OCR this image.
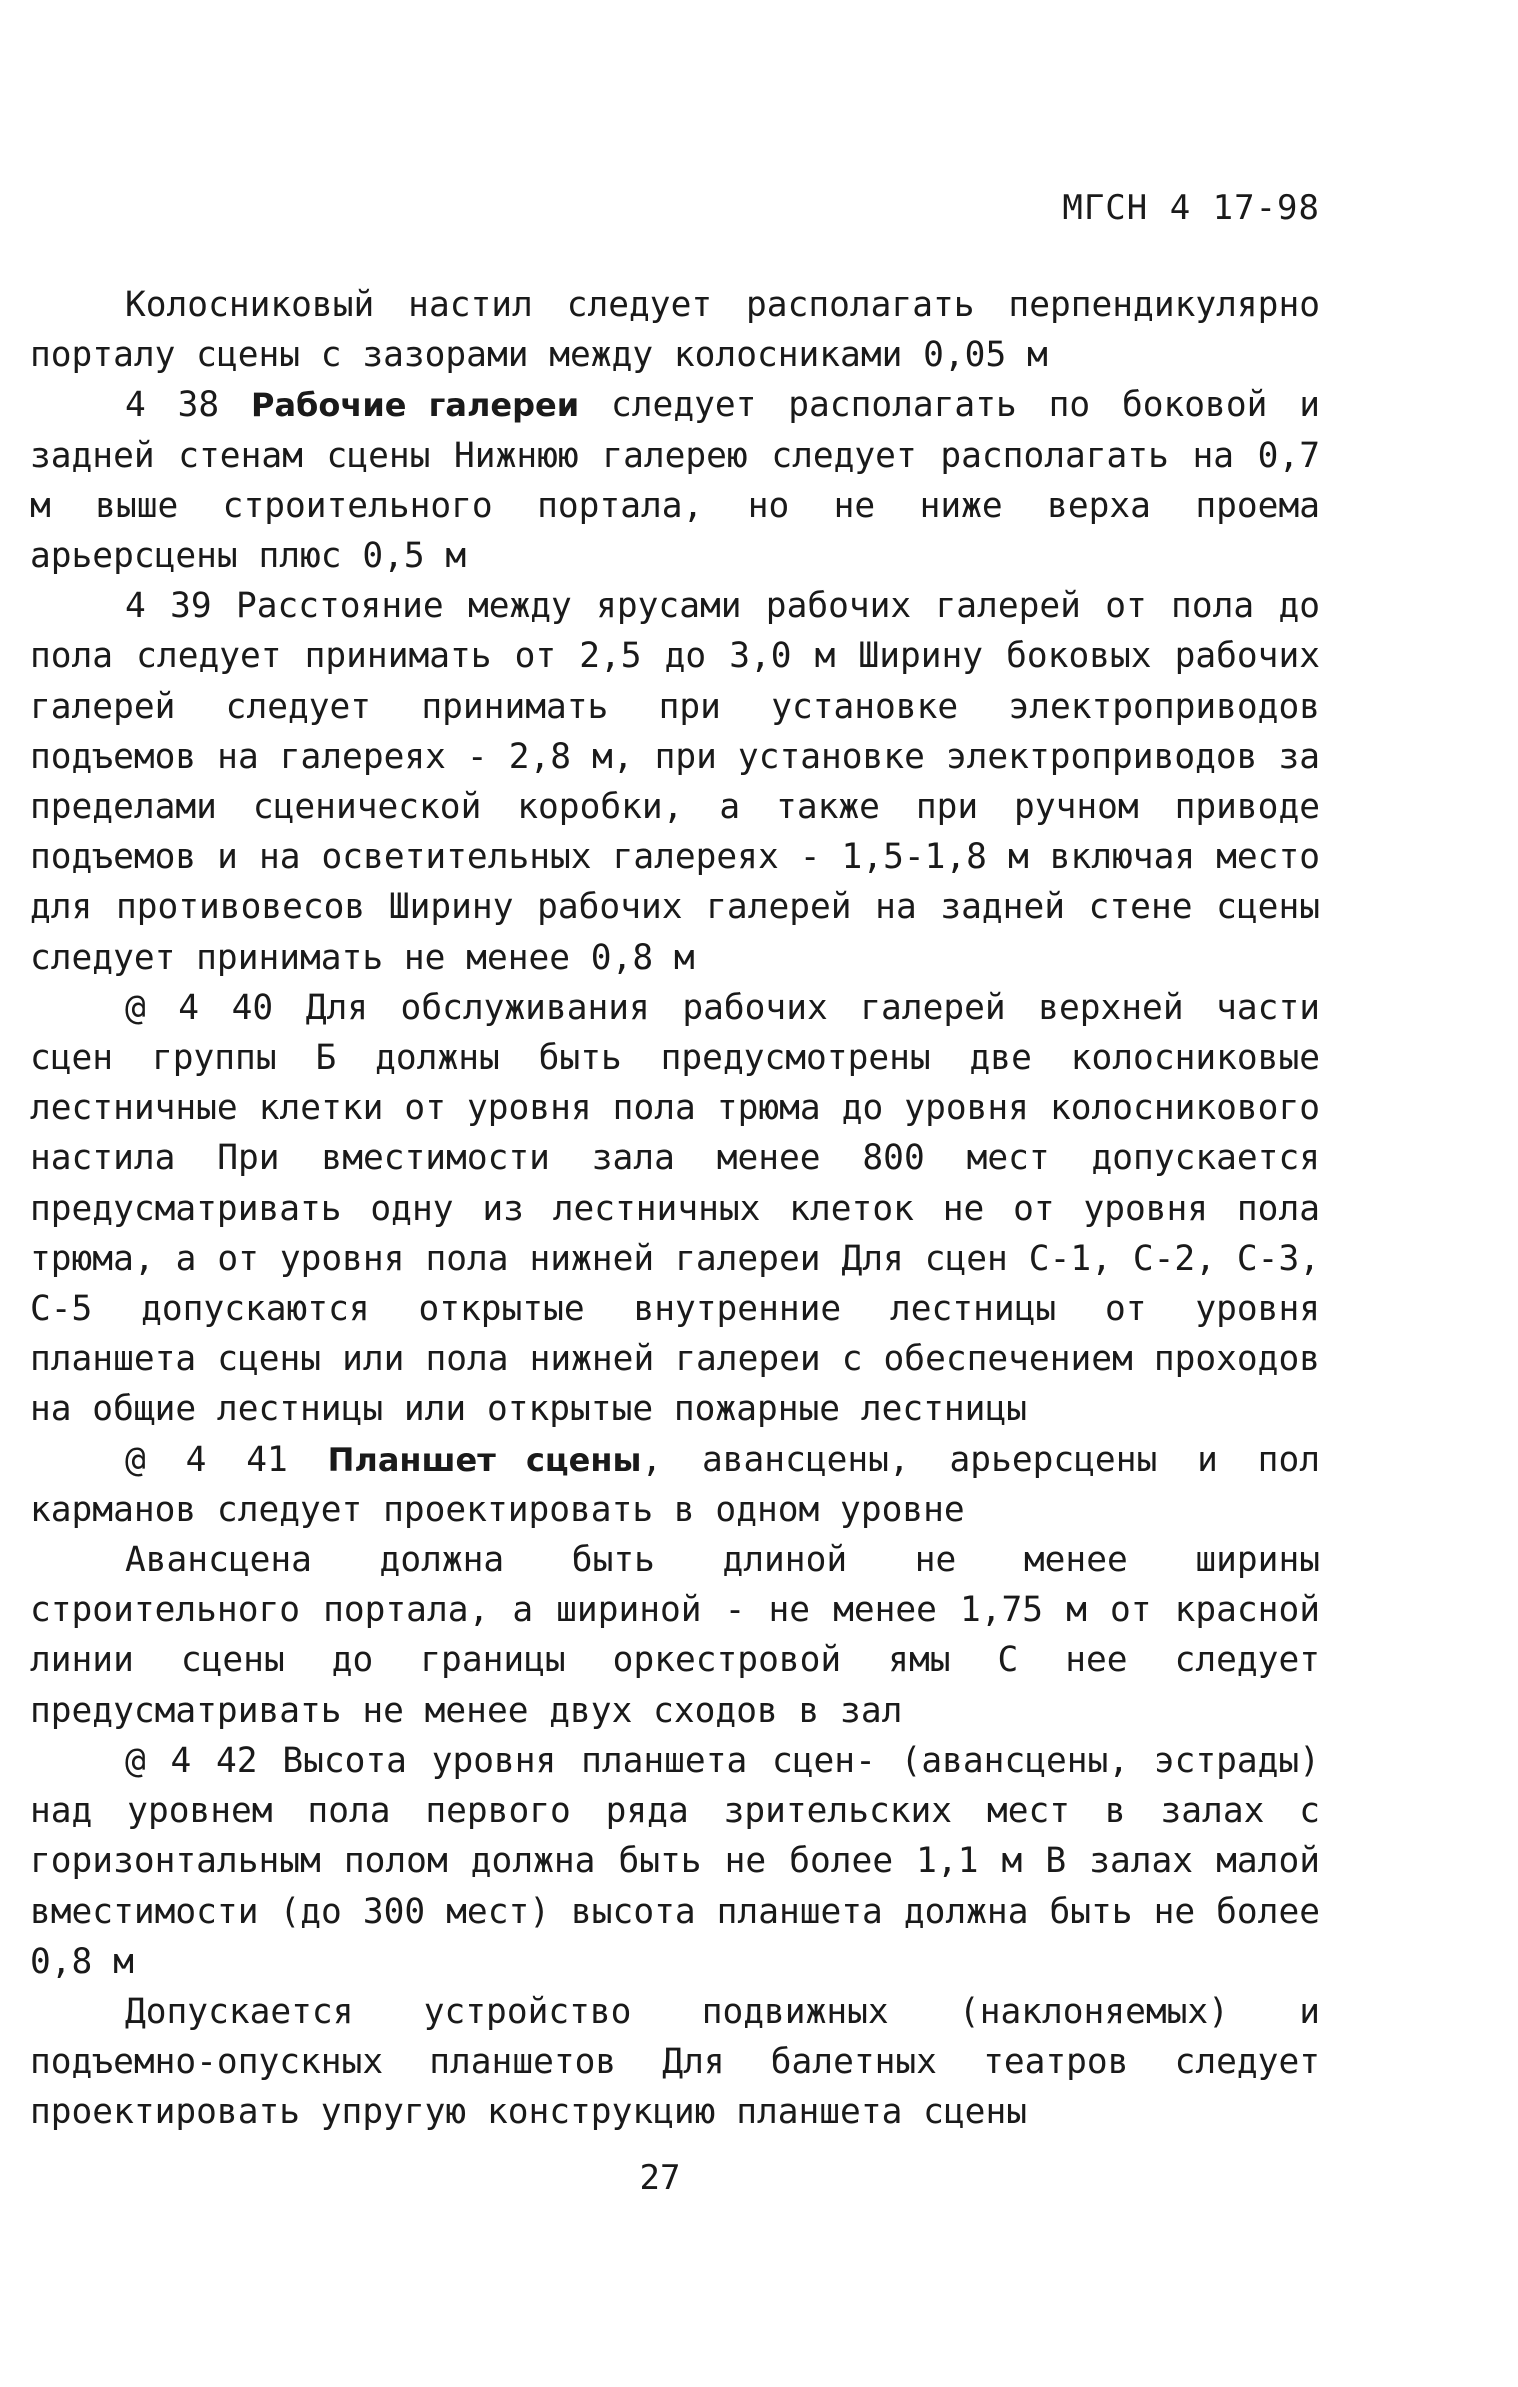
МГСН 4 17-98

Колосниковый настил следует располагать перпендикулярно порталу сцены с зазорами между колосниками 0,05 м

4 38 Рабочие галереи следует располагать по боковой и задней стенам сцены Нижнюю галерею следует располагать на 0,7 м выше строительного портала, но не ниже верха проема арьерсцены плюс 0,5 м

4 39 Расстояние между ярусами рабочих галерей от пола до пола следует принимать от 2,5 до 3,0 м Ширину боковых рабочих галерей следует принимать при установке электроприводов подъемов на галереях - 2,8 м, при установке электроприводов за пределами сценической коробки, а также при ручном приводе подъемов и на осветительных галереях - 1,5-1,8 м включая место для противовесов Ширину рабочих галерей на задней стене сцены следует принимать не менее 0,8 м

@ 4 40 Для обслуживания рабочих галерей верхней части сцен группы Б должны быть предусмотрены две колосниковые лестничные клетки от уровня пола трюма до уровня колосникового настила При вместимости зала менее 800 мест допускается предусматривать одну из лестничных клеток не от уровня пола трюма, а от уровня пола нижней галереи Для сцен С-1, С-2, С-3, С-5 допускаются открытые внутренние лестницы от уровня планшета сцены или пола нижней галереи с обеспечением проходов на общие лестницы или открытые пожарные лестницы

@ 4 41 Планшет сцены, авансцены, арьерсцены и пол карманов следует проектировать в одном уровне

Авансцена должна быть длиной не менее ширины строительного портала, а шириной - не менее 1,75 м от красной линии сцены до границы оркестровой ямы С нее следует предусматривать не менее двух сходов в зал

@ 4 42 Высота уровня планшета сцен- (авансцены, эстрады) над уровнем пола первого ряда зрительских мест в залах с горизонтальным полом должна быть не более 1,1 м В залах малой вместимости (до 300 мест) высота планшета должна быть не более 0,8 м

Допускается устройство подвижных (наклоняемых) и подъемно-опускных планшетов Для балетных театров следует проектировать упругую конструкцию планшета сцены

27
